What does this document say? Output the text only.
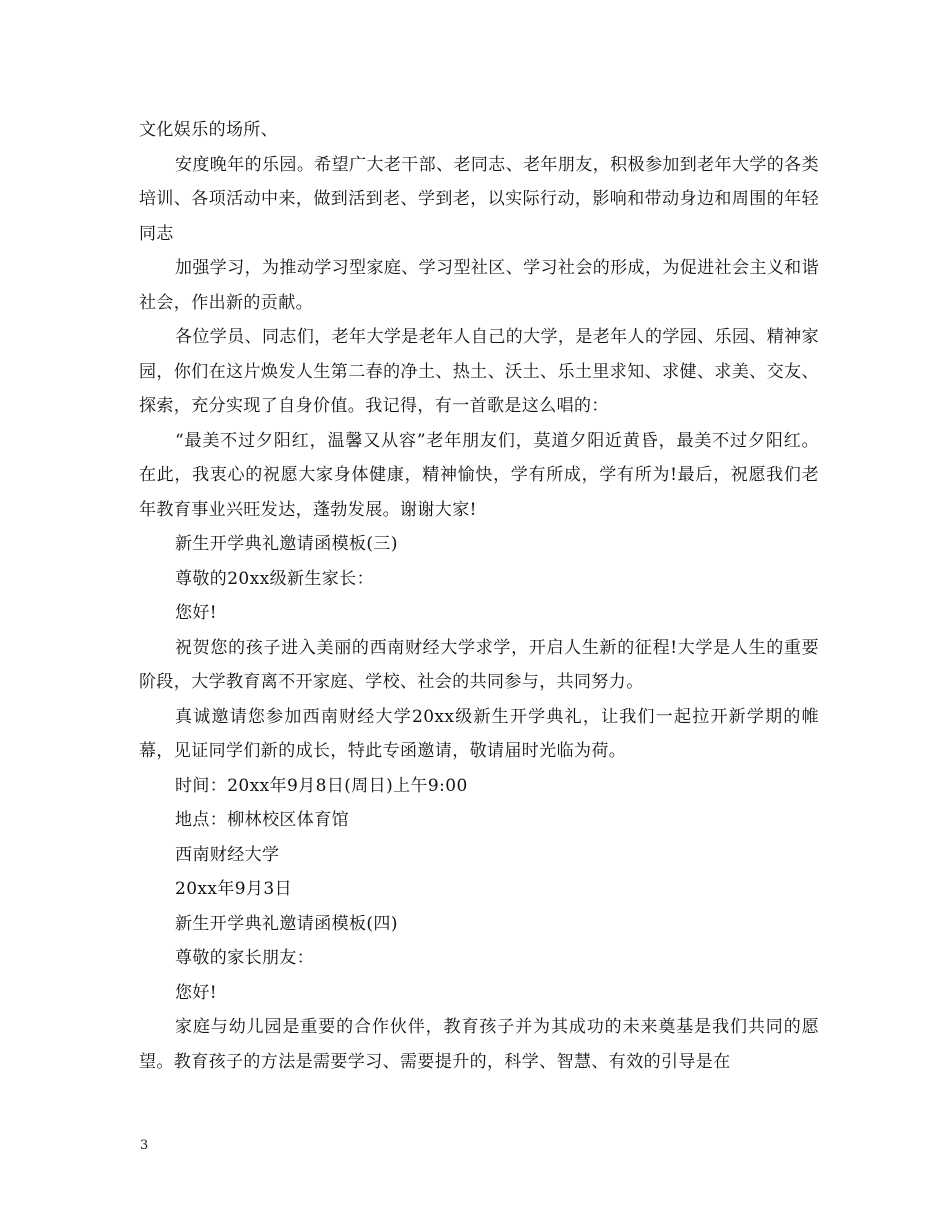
文化娱乐的场所、

安度晚年的乐园。希望广大老干部、老同志、老年朋友，积极参加到老年大学的各类培训、各项活动中来，做到活到老、学到老，以实际行动，影响和带动身边和周围的年轻同志

加强学习，为推动学习型家庭、学习型社区、学习社会的形成，为促进社会主义和谐社会，作出新的贡献。

各位学员、同志们，老年大学是老年人自己的大学，是老年人的学园、乐园、精神家园，你们在这片焕发人生第二春的净土、热土、沃土、乐土里求知、求健、求美、交友、探索，充分实现了自身价值。我记得，有一首歌是这么唱的：

“最美不过夕阳红，温馨又从容”老年朋友们，莫道夕阳近黄昏，最美不过夕阳红。在此，我衷心的祝愿大家身体健康，精神愉快，学有所成，学有所为!最后，祝愿我们老年教育事业兴旺发达，蓬勃发展。谢谢大家!

新生开学典礼邀请函模板(三)

尊敬的20xx级新生家长：

您好!

祝贺您的孩子进入美丽的西南财经大学求学，开启人生新的征程!大学是人生的重要阶段，大学教育离不开家庭、学校、社会的共同参与，共同努力。

真诚邀请您参加西南财经大学20xx级新生开学典礼，让我们一起拉开新学期的帷幕，见证同学们新的成长，特此专函邀请，敬请届时光临为荷。

时间：20xx年9月8日(周日)上午9:00

地点：柳林校区体育馆

西南财经大学

20xx年9月3日

新生开学典礼邀请函模板(四)

尊敬的家长朋友：

您好!

家庭与幼儿园是重要的合作伙伴，教育孩子并为其成功的未来奠基是我们共同的愿望。教育孩子的方法是需要学习、需要提升的，科学、智慧、有效的引导是在

3
